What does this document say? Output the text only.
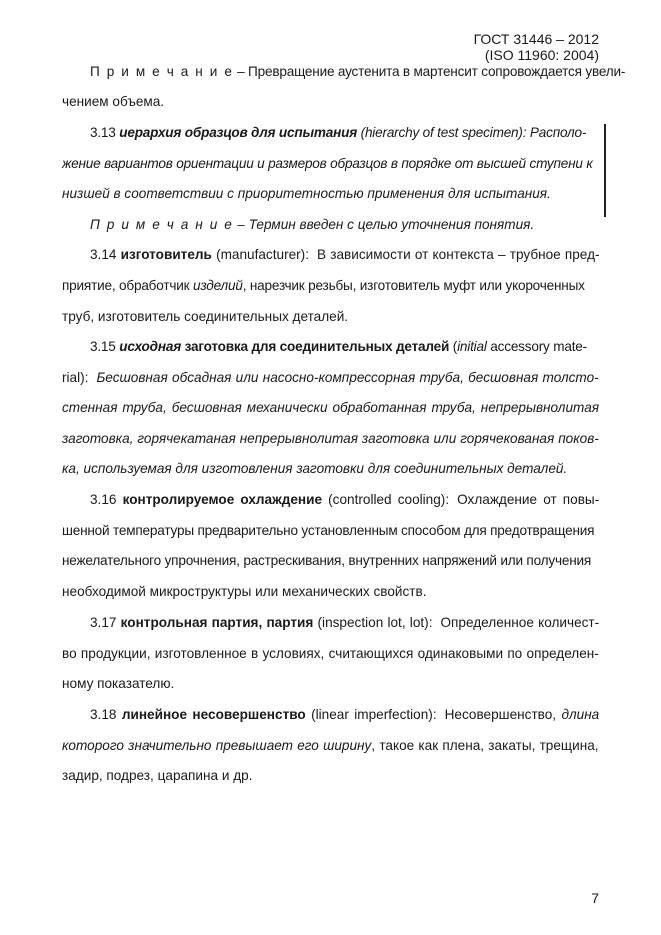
ГОСТ 31446 – 2012
(ISO 11960: 2004)
П р и м е ч а н и е – Превращение аустенита в мартенсит сопровождается увели-
чением объема.
3.13 иерархия образцов для испытания (hierarchy of test specimen): Располо-
жение вариантов ориентации и размеров образцов в порядке от высшей ступени к
низшей в соответствии с приоритетностью применения для испытания.
П р и м е ч а н и е – Термин введен с целью уточнения понятия.
3.14 изготовитель (manufacturer): В зависимости от контекста – трубное пред-
приятие, обработчик изделий, нарезчик резьбы, изготовитель муфт или укороченных
труб, изготовитель соединительных деталей.
3.15 исходная заготовка для соединительных деталей (initial accessory mate-
rial): Бесшовная обсадная или насосно-компрессорная труба, бесшовная толсто-
стенная труба, бесшовная механически обработанная труба, непрерывнолитая
заготовка, горячекатаная непрерывнолитая заготовка или горячекованая поков-
ка, используемая для изготовления заготовки для соединительных деталей.
3.16 контролируемое охлаждение (controlled cooling): Охлаждение от повы-
шенной температуры предварительно установленным способом для предотвращения
нежелательного упрочнения, растрескивания, внутренних напряжений или получения
необходимой микроструктуры или механических свойств.
3.17 контрольная партия, партия (inspection lot, lot): Определенное количест-
во продукции, изготовленное в условиях, считающихся одинаковыми по определен-
ному показателю.
3.18 линейное несовершенство (linear imperfection): Несовершенство, длина
которого значительно превышает его ширину, такое как плена, закаты, трещина,
задир, подрез, царапина и др.
7
